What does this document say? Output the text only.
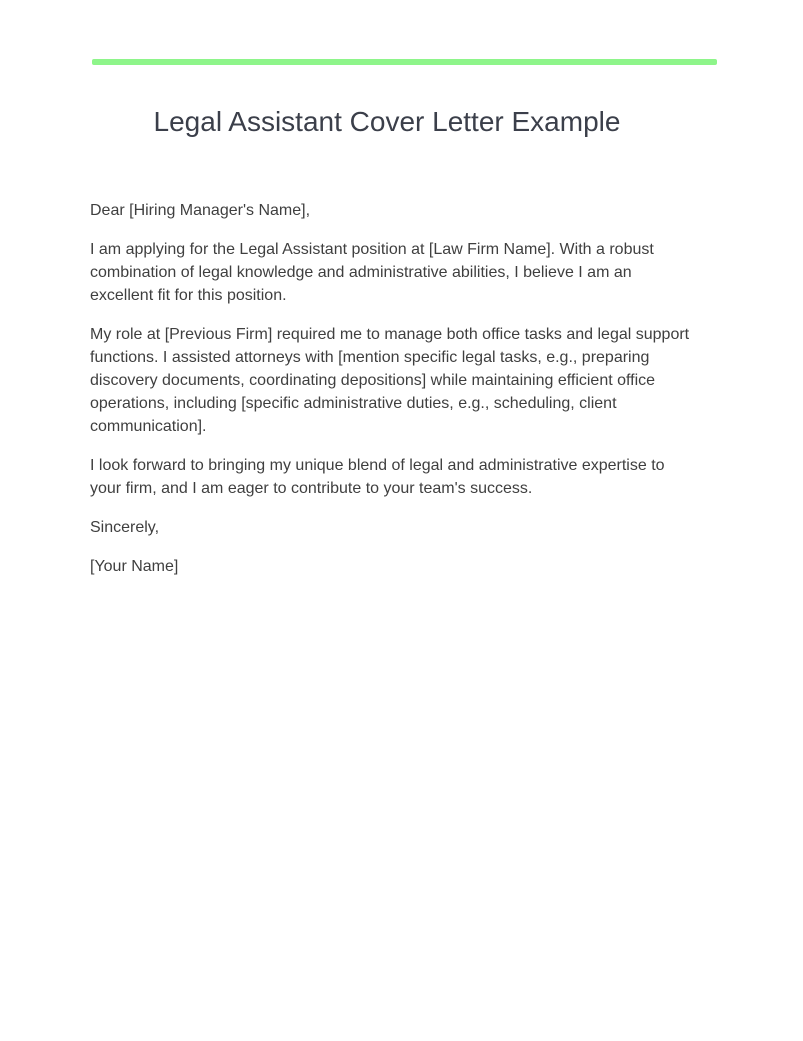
Legal Assistant Cover Letter Example

Dear [Hiring Manager's Name],

I am applying for the Legal Assistant position at [Law Firm Name]. With a robust combination of legal knowledge and administrative abilities, I believe I am an excellent fit for this position.

My role at [Previous Firm] required me to manage both office tasks and legal support functions. I assisted attorneys with [mention specific legal tasks, e.g., preparing discovery documents, coordinating depositions] while maintaining efficient office operations, including [specific administrative duties, e.g., scheduling, client communication].

I look forward to bringing my unique blend of legal and administrative expertise to your firm, and I am eager to contribute to your team's success.

Sincerely,

[Your Name]
